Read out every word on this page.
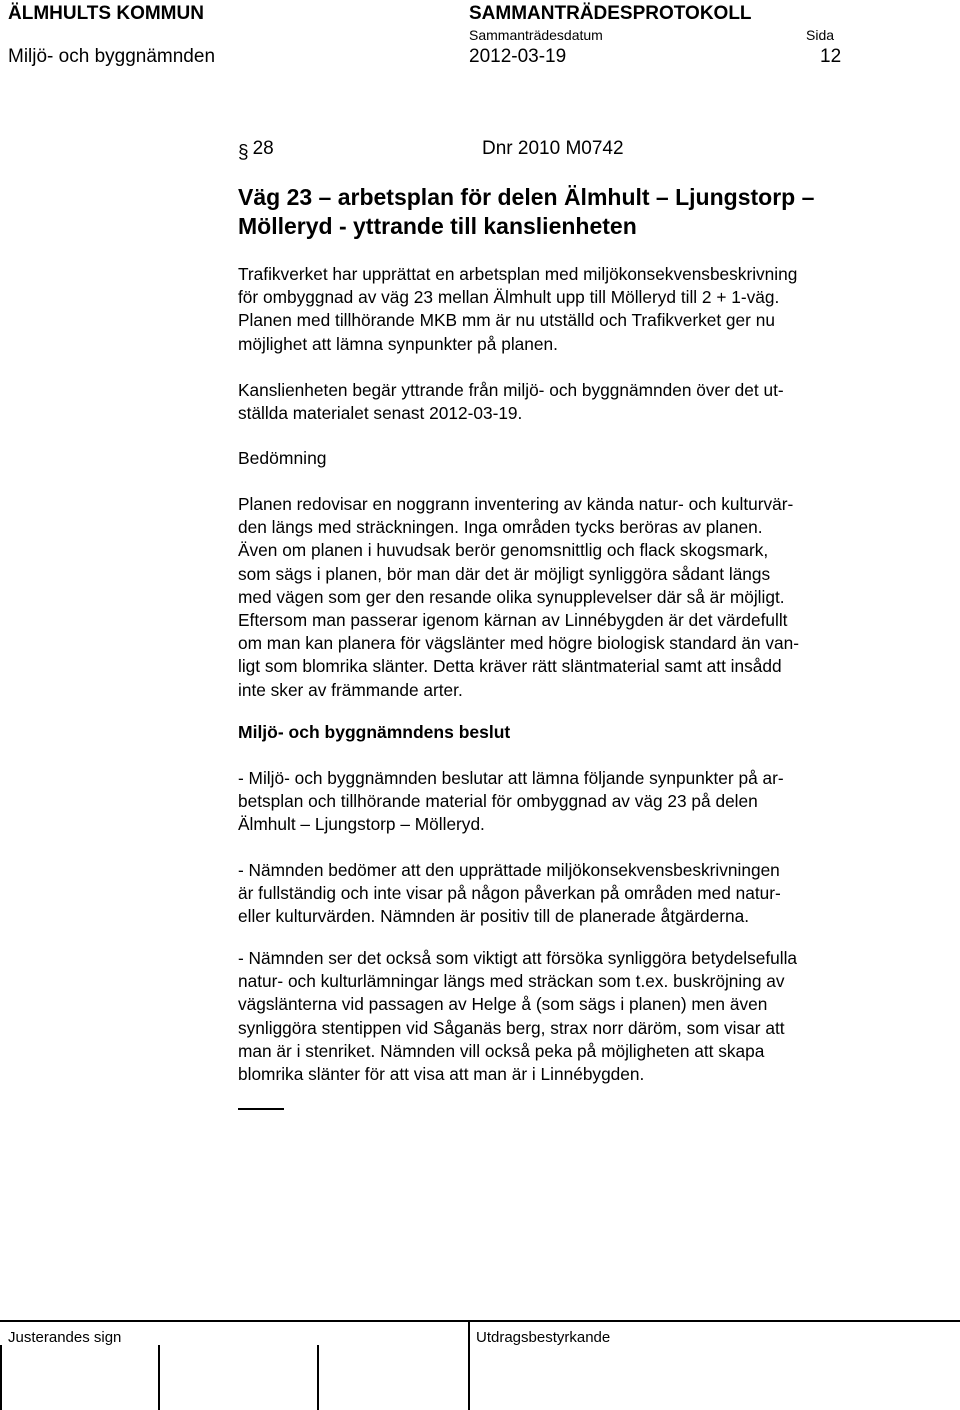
ÄLMHULTS KOMMUN
Miljö- och byggnämnden
SAMMANTRÄDESPROTOKOLL
Sammanträdesdatum
2012-03-19
Sida
12
§ 28	Dnr 2010 M0742
Väg 23 – arbetsplan för delen Älmhult – Ljungstorp –
Mölleryd - yttrande till kanslienheten
Trafikverket har upprättat en arbetsplan med miljökonsekvensbeskrivning
för ombyggnad av väg 23 mellan Älmhult upp till Mölleryd till 2 + 1-väg.
Planen med tillhörande MKB mm är nu utställd och Trafikverket ger nu
möjlighet att lämna synpunkter på planen.
Kanslienheten begär yttrande från miljö- och byggnämnden över det ut-
ställda materialet senast 2012-03-19.
Bedömning
Planen redovisar en noggrann inventering av kända natur- och kulturvär-
den längs med sträckningen. Inga områden tycks beröras av planen.
Även om planen i huvudsak berör genomsnittlig och flack skogsmark,
som sägs i planen, bör man där det är möjligt synliggöra sådant längs
med vägen som ger den resande olika synupplevelser där så är möjligt.
Eftersom man passerar igenom kärnan av Linnébygden är det värdefullt
om man kan planera för vägslänter med högre biologisk standard än van-
ligt som blomrika slänter. Detta kräver rätt släntmaterial samt att insådd
inte sker av främmande arter.
Miljö- och byggnämndens beslut
- Miljö- och byggnämnden beslutar att lämna följande synpunkter på ar-
betsplan och tillhörande material för ombyggnad av väg 23 på delen
Älmhult – Ljungstorp – Mölleryd.
- Nämnden bedömer att den upprättade miljökonsekvensbeskrivningen
är fullständig och inte visar på någon påverkan på områden med natur-
eller kulturvärden. Nämnden är positiv till de planerade åtgärderna.
- Nämnden ser det också som viktigt att försöka synliggöra betydelsefulla
natur- och kulturlämningar längs med sträckan som t.ex. buskröjning av
vägslänterna vid passagen av Helge å (som sägs i planen) men även
synliggöra stentippen vid Såganäs berg, strax norr däröm, som visar att
man är i stenriket. Nämnden vill också peka på möjligheten att skapa
blomrika slänter för att visa att man är i Linnébygden.
Justerandes sign	Utdragsbestyrkande
